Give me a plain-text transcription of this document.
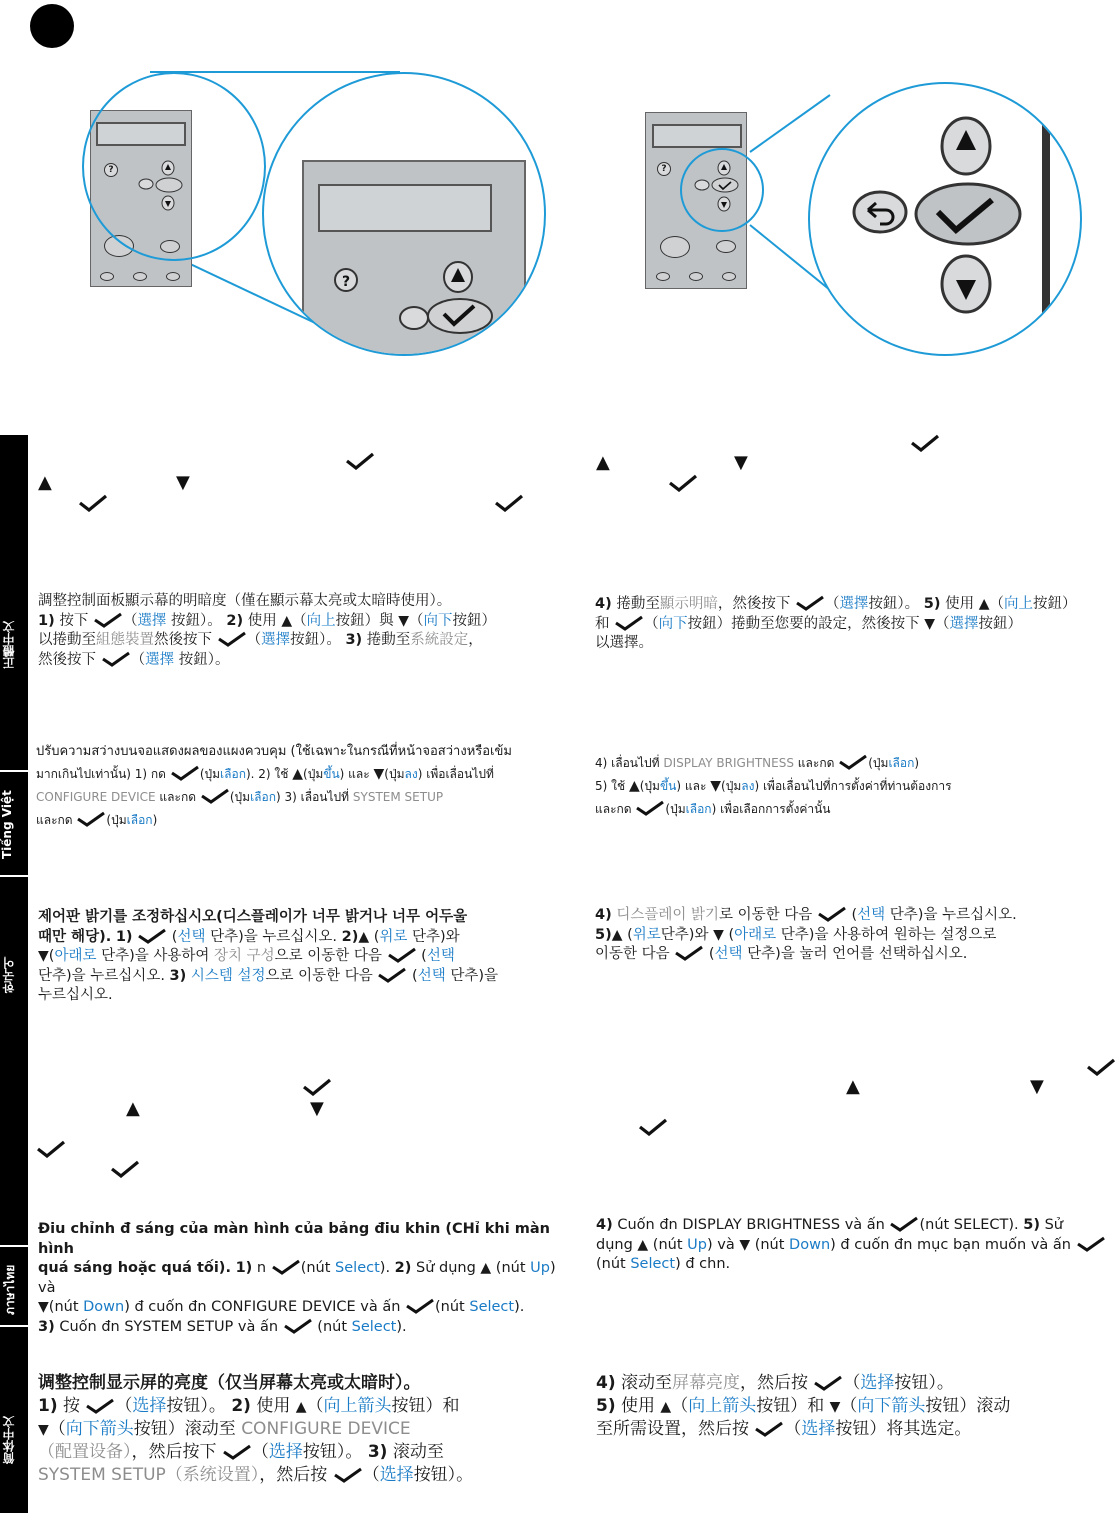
?
?
?
正體中文
Tiếng Việt
한국어
ภาษาไทย
简体中文
▲	▼
▲	▼
▲	▼
▲	▼
調整控制面板顯示幕的明暗度（僅在顯示幕太亮或太暗時使用）。
1) 按下 （選擇 按鈕）。 2) 使用 ▲（向上按鈕）與 ▼（向下按鈕）
以捲動至組態裝置然後按下 （選擇按鈕）。 3) 捲動至系統設定，
然後按下 （選擇 按鈕）。
4) 捲動至顯示明暗，然後按下 （選擇按鈕）。 5) 使用 ▲（向上按鈕）
和 （向下按鈕）捲動至您要的設定，然後按下 ▼（選擇按鈕）
以選擇。
ปรับความสว่างบนจอแสดงผลของแผงควบคุม (ใช้เฉพาะในกรณีที่หน้าจอสว่างหรือเข้ม
มากเกินไปเท่านั้น) 1) กด	(ปุ่มเลือก). 2) ใช้ ▲(ปุ่มขึ้น) และ ▼(ปุ่มลง) เพื่อเลื่อนไปที่
CONFIGURE DEVICE และกด	(ปุ่มเลือก) 3) เลื่อนไปที่ SYSTEM SETUP
และกด	(ปุ่มเลือก)
4) เลื่อนไปที่ DISPLAY BRIGHTNESS และกด	(ปุ่มเลือก)
5) ใช้ ▲(ปุ่มขึ้น) และ ▼(ปุ่มลง) เพื่อเลื่อนไปที่การตั้งค่าที่ท่านต้องการ
และกด	(ปุ่มเลือก) เพื่อเลือกการตั้งค่านั้น
제어판 밝기를 조정하십시오(디스플레이가 너무 밝거나 너무 어두울
때만 해당). 1)	(선택 단추)을 누르십시오. 2)▲ (위로 단추)와
▼(아래로 단추)을 사용하여 장치 구성으로 이동한 다음	(선택
단추)을 누르십시오. 3) 시스템 설정으로 이동한 다음	(선택 단추)을
누르십시오.
4) 디스플레이 밝기로 이동한 다음	(선택 단추)을 누르십시오.
5)▲ (위로단추)와 ▼ (아래로 단추)을 사용하여 원하는 설정으로
이동한 다음	(선택 단추)을 눌러 언어를 선택하십시오.
Điu chỉnh đ sáng của màn hình của bảng điu khin (CHỉ khi màn hình
quá sáng hoặc quá tối). 1) n (nút Select). 2) Sử dụng ▲ (nút Up) và
▼(nút Down) đ cuốn đn CONFIGURE DEVICE và ấn (nút Select).
3) Cuốn đn SYSTEM SETUP và ấn	(nút Select).
4) Cuốn đn DISPLAY BRIGHTNESS và ấn (nút SELECT). 5) Sử
dụng ▲ (nút Up) và ▼ (nút Down) đ cuốn đn mục bạn muốn và ấn
(nút Select) đ chn.
调整控制显示屏的亮度（仅当屏幕太亮或太暗时）。
1) 按 （选择按钮）。 2) 使用 ▲（向上箭头按钮）和
▼（向下箭头按钮）滚动至 CONFIGURE DEVICE
（配置设备），然后按下 （选择按钮）。 3) 滚动至
SYSTEM SETUP（系统设置），然后按 （选择按钮）。
4) 滚动至屏幕亮度，然后按 （选择按钮）。
5) 使用 ▲（向上箭头按钮）和 ▼（向下箭头按钮）滚动
至所需设置，然后按 （选择按钮）将其选定。
